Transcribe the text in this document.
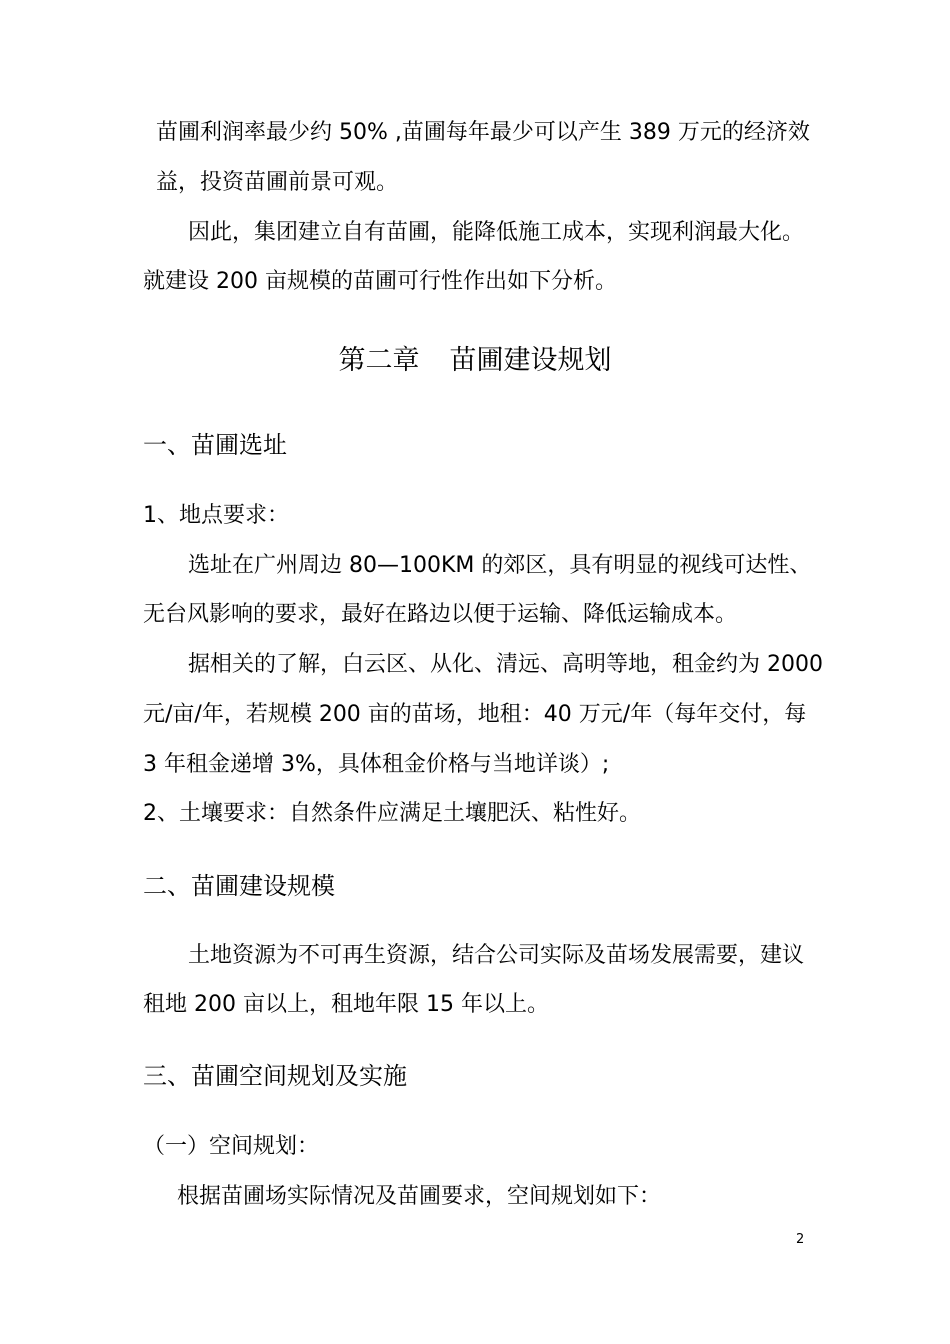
苗圃利润率最少约 50% ,苗圃每年最少可以产生 389 万元的经济效
益，投资苗圃前景可观。
因此，集团建立自有苗圃，能降低施工成本，实现利润最大化。
就建设 200 亩规模的苗圃可行性作出如下分析。
第二章 苗圃建设规划
一、苗圃选址
1、地点要求：
选址在广州周边 80—100KM 的郊区，具有明显的视线可达性、
无台风影响的要求，最好在路边以便于运输、降低运输成本。
据相关的了解，白云区、从化、清远、高明等地，租金约为 2000
元/亩/年，若规模 200 亩的苗场，地租：40 万元/年（每年交付，每
3 年租金递增 3%，具体租金价格与当地详谈）;
2、土壤要求：自然条件应满足土壤肥沃、粘性好。
二、苗圃建设规模
土地资源为不可再生资源，结合公司实际及苗场发展需要，建议
租地 200 亩以上，租地年限 15 年以上。
三、苗圃空间规划及实施
（一）空间规划：
根据苗圃场实际情况及苗圃要求，空间规划如下：
2
